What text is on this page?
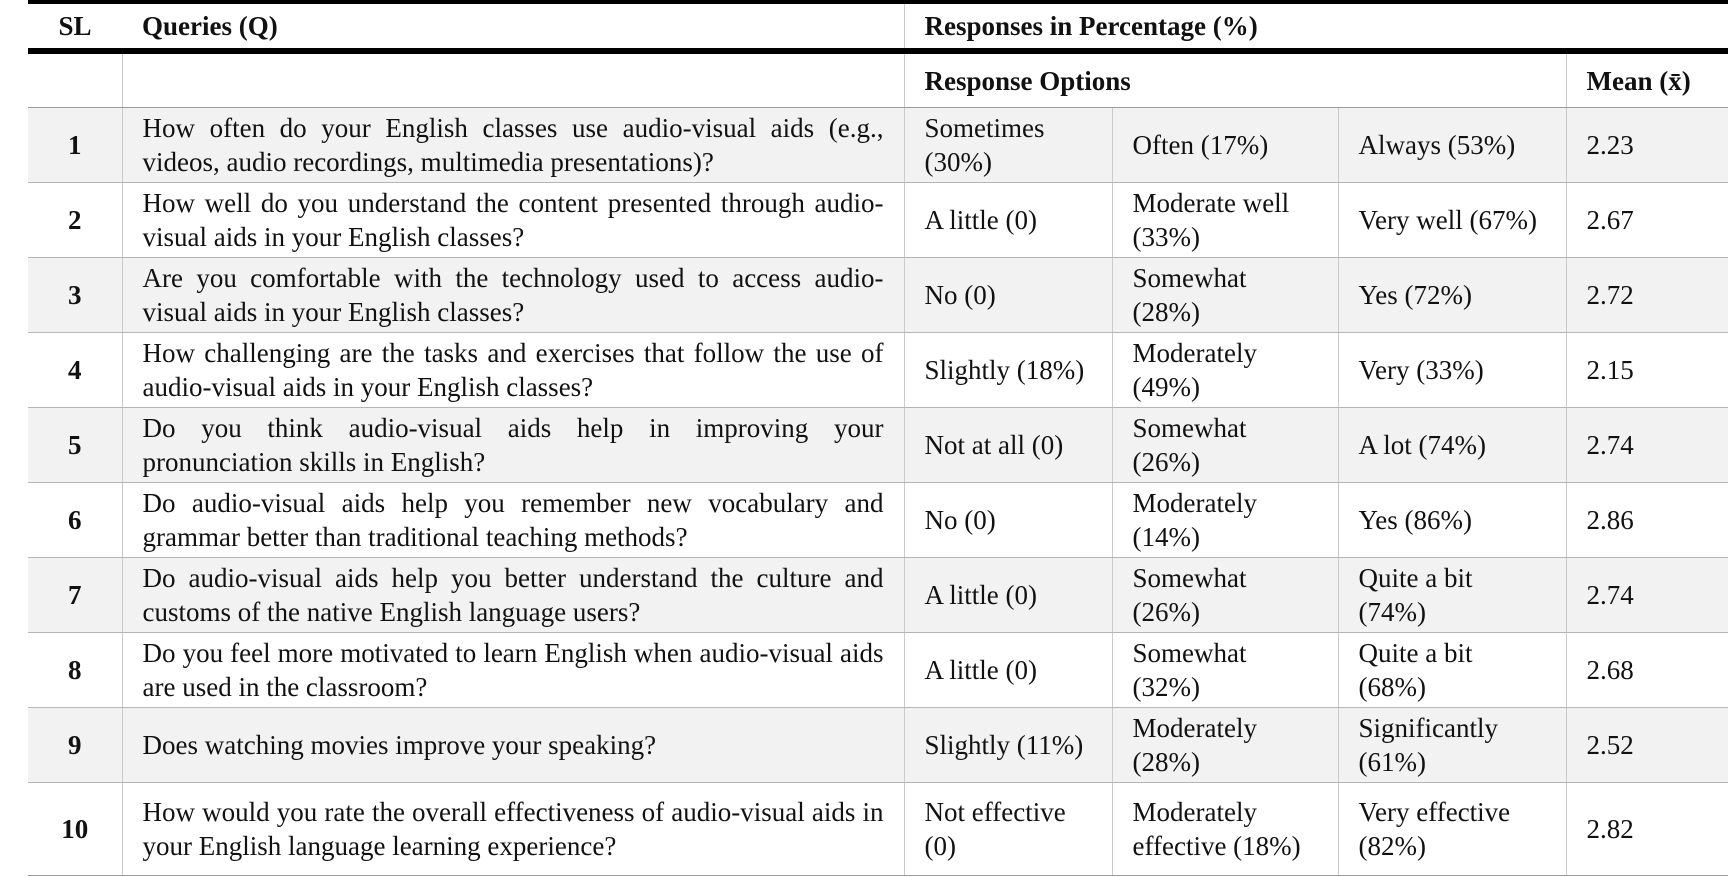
SL	Queries (Q)	Responses in Percentage (%)			
		Response Options			Mean (x̄)
1	How often do your English classes use audio-visual aids (e.g., videos, audio recordings, multimedia presentations)?	Sometimes (30%)	Often (17%)	Always (53%)	2.23
2	How well do you understand the content presented through audio-visual aids in your English classes?	A little (0)	Moderate well (33%)	Very well (67%)	2.67
3	Are you comfortable with the technology used to access audio-visual aids in your English classes?	No (0)	Somewhat (28%)	Yes (72%)	2.72
4	How challenging are the tasks and exercises that follow the use of audio-visual aids in your English classes?	Slightly (18%)	Moderately (49%)	Very (33%)	2.15
5	Do you think audio-visual aids help in improving your pronunciation skills in English?	Not at all (0)	Somewhat (26%)	A lot (74%)	2.74
6	Do audio-visual aids help you remember new vocabulary and grammar better than traditional teaching methods?	No (0)	Moderately (14%)	Yes (86%)	2.86
7	Do audio-visual aids help you better understand the culture and customs of the native English language users?	A little (0)	Somewhat (26%)	Quite a bit (74%)	2.74
8	Do you feel more motivated to learn English when audio-visual aids are used in the classroom?	A little (0)	Somewhat (32%)	Quite a bit (68%)	2.68
9	Does watching movies improve your speaking?	Slightly (11%)	Moderately (28%)	Significantly (61%)	2.52
10	How would you rate the overall effectiveness of audio-visual aids in your English language learning experience?	Not effective (0)	Moderately effective (18%)	Very effective (82%)	2.82
